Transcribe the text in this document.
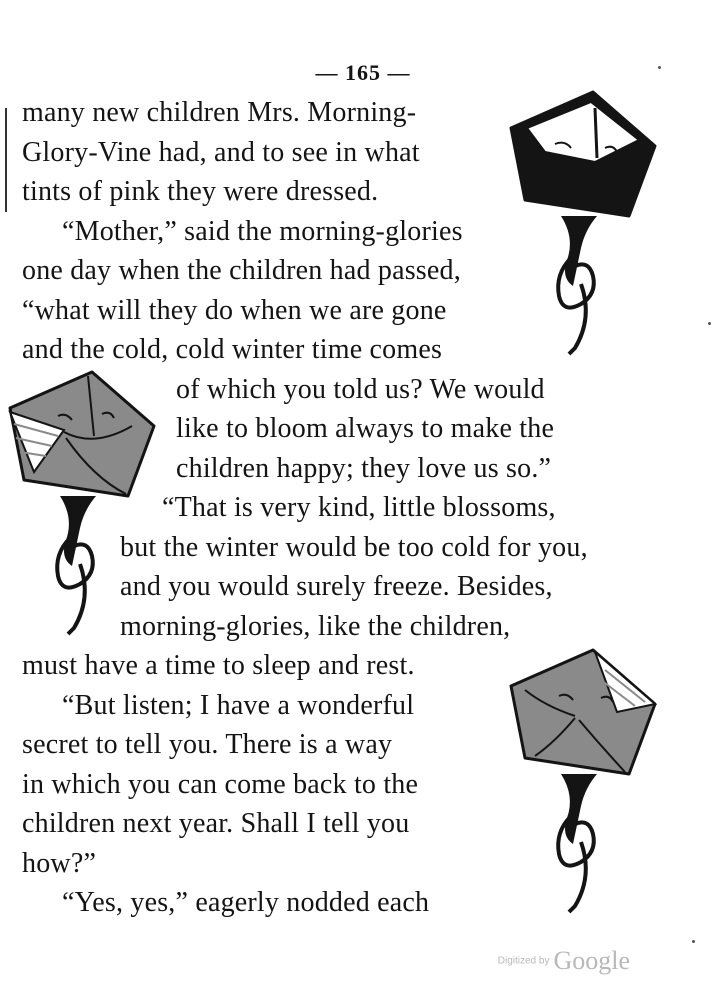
— 165 —
many new children Mrs. Morning-
Glory-Vine had, and to see in what
tints of pink they were dressed.
“Mother,” said the morning-glories
one day when the children had passed,
“what will they do when we are gone
and the cold, cold winter time comes
of which you told us? We would
like to bloom always to make the
children happy; they love us so.”
“That is very kind, little blossoms,
but the winter would be too cold for you,
and you would surely freeze. Besides,
morning-glories, like the children,
must have a time to sleep and rest.
“But listen; I have a wonderful
secret to tell you. There is a way
in which you can come back to the
children next year. Shall I tell you
how?”
“Yes, yes,” eagerly nodded each
Digitized by Google
